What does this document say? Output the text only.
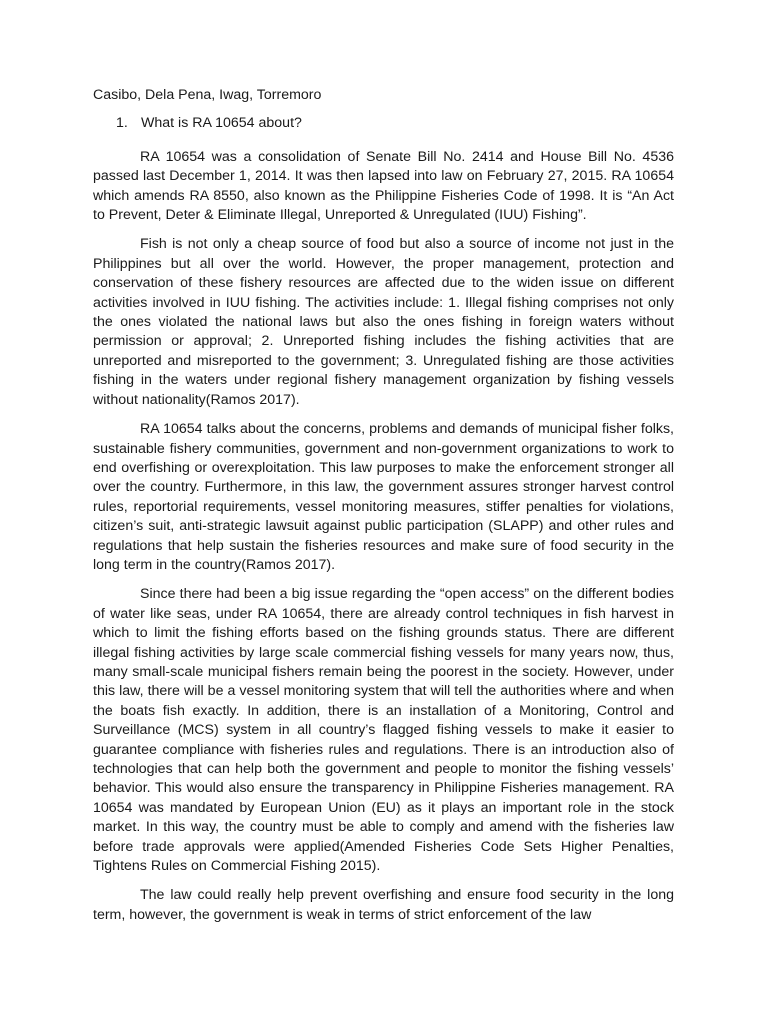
Casibo, Dela Pena, Iwag, Torremoro

1. What is RA 10654 about?

RA 10654 was a consolidation of Senate Bill No. 2414 and House Bill No. 4536 passed last December 1, 2014. It was then lapsed into law on February 27, 2015. RA 10654 which amends RA 8550, also known as the Philippine Fisheries Code of 1998. It is “An Act to Prevent, Deter & Eliminate Illegal, Unreported & Unregulated (IUU) Fishing”.

Fish is not only a cheap source of food but also a source of income not just in the Philippines but all over the world. However, the proper management, protection and conservation of these fishery resources are affected due to the widen issue on different activities involved in IUU fishing. The activities include: 1. Illegal fishing comprises not only the ones violated the national laws but also the ones fishing in foreign waters without permission or approval; 2. Unreported fishing includes the fishing activities that are unreported and misreported to the government; 3. Unregulated fishing are those activities fishing in the waters under regional fishery management organization by fishing vessels without nationality(Ramos 2017).

RA 10654 talks about the concerns, problems and demands of municipal fisher folks, sustainable fishery communities, government and non-government organizations to work to end overfishing or overexploitation. This law purposes to make the enforcement stronger all over the country. Furthermore, in this law, the government assures stronger harvest control rules, reportorial requirements, vessel monitoring measures, stiffer penalties for violations, citizen’s suit, anti-strategic lawsuit against public participation (SLAPP) and other rules and regulations that help sustain the fisheries resources and make sure of food security in the long term in the country(Ramos 2017).

Since there had been a big issue regarding the “open access” on the different bodies of water like seas, under RA 10654, there are already control techniques in fish harvest in which to limit the fishing efforts based on the fishing grounds status. There are different illegal fishing activities by large scale commercial fishing vessels for many years now, thus, many small-scale municipal fishers remain being the poorest in the society. However, under this law, there will be a vessel monitoring system that will tell the authorities where and when the boats fish exactly. In addition, there is an installation of a Monitoring, Control and Surveillance (MCS) system in all country’s flagged fishing vessels to make it easier to guarantee compliance with fisheries rules and regulations. There is an introduction also of technologies that can help both the government and people to monitor the fishing vessels’ behavior. This would also ensure the transparency in Philippine Fisheries management. RA 10654 was mandated by European Union (EU) as it plays an important role in the stock market. In this way, the country must be able to comply and amend with the fisheries law before trade approvals were applied(Amended Fisheries Code Sets Higher Penalties, Tightens Rules on Commercial Fishing 2015).

The law could really help prevent overfishing and ensure food security in the long term, however, the government is weak in terms of strict enforcement of the law
